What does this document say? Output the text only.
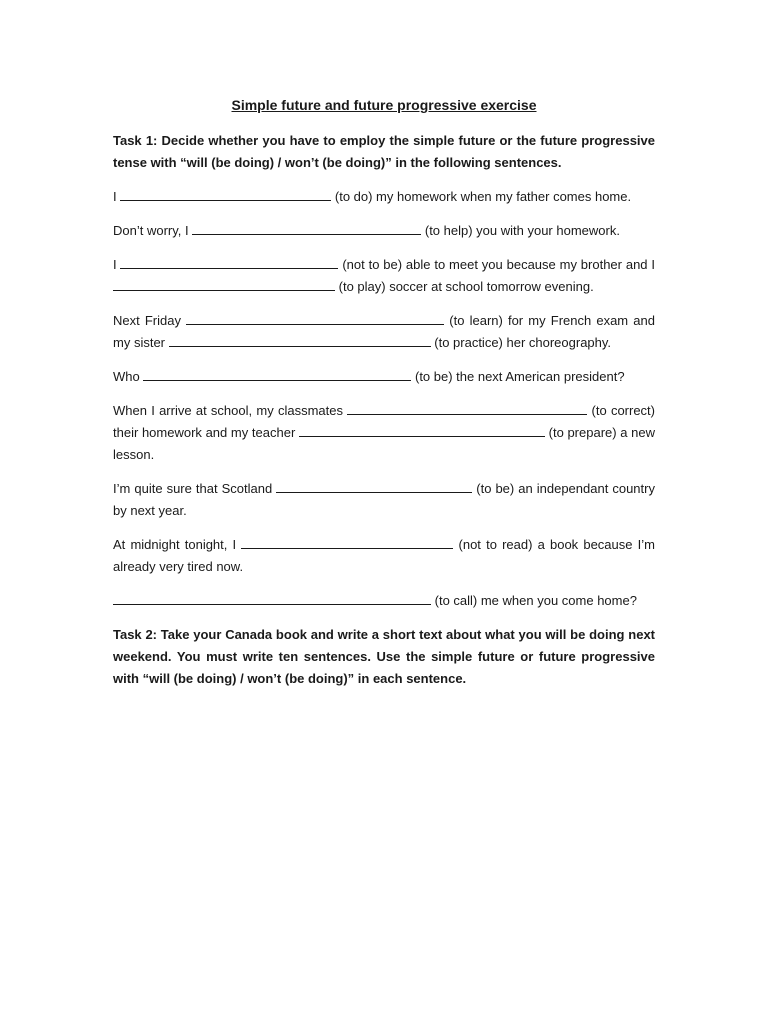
Simple future and future progressive exercise
Task 1: Decide whether you have to employ the simple future or the future progressive tense with “will (be doing) / won’t (be doing)” in the following sentences.
I	(to do) my homework when my father comes home.
Don’t worry, I	(to help) you with your homework.
I	(not to be) able to meet you because my brother and I  (to play) soccer at school tomorrow evening.
Next Friday	(to learn) for my French exam and my sister	(to practice) her choreography.
Who	(to be) the next American president?
When I arrive at school, my classmates	(to correct) their homework and my teacher	(to prepare) a new lesson.
I’m quite sure that Scotland	(to be) an independant country by next year.
At midnight tonight, I	(not to read) a book because I’m already very tired now.
(to call) me when you come home?
Task 2: Take your Canada book and write a short text about what you will be doing next weekend. You must write ten sentences. Use the simple future or future progressive with “will (be doing) / won’t (be doing)” in each sentence.
